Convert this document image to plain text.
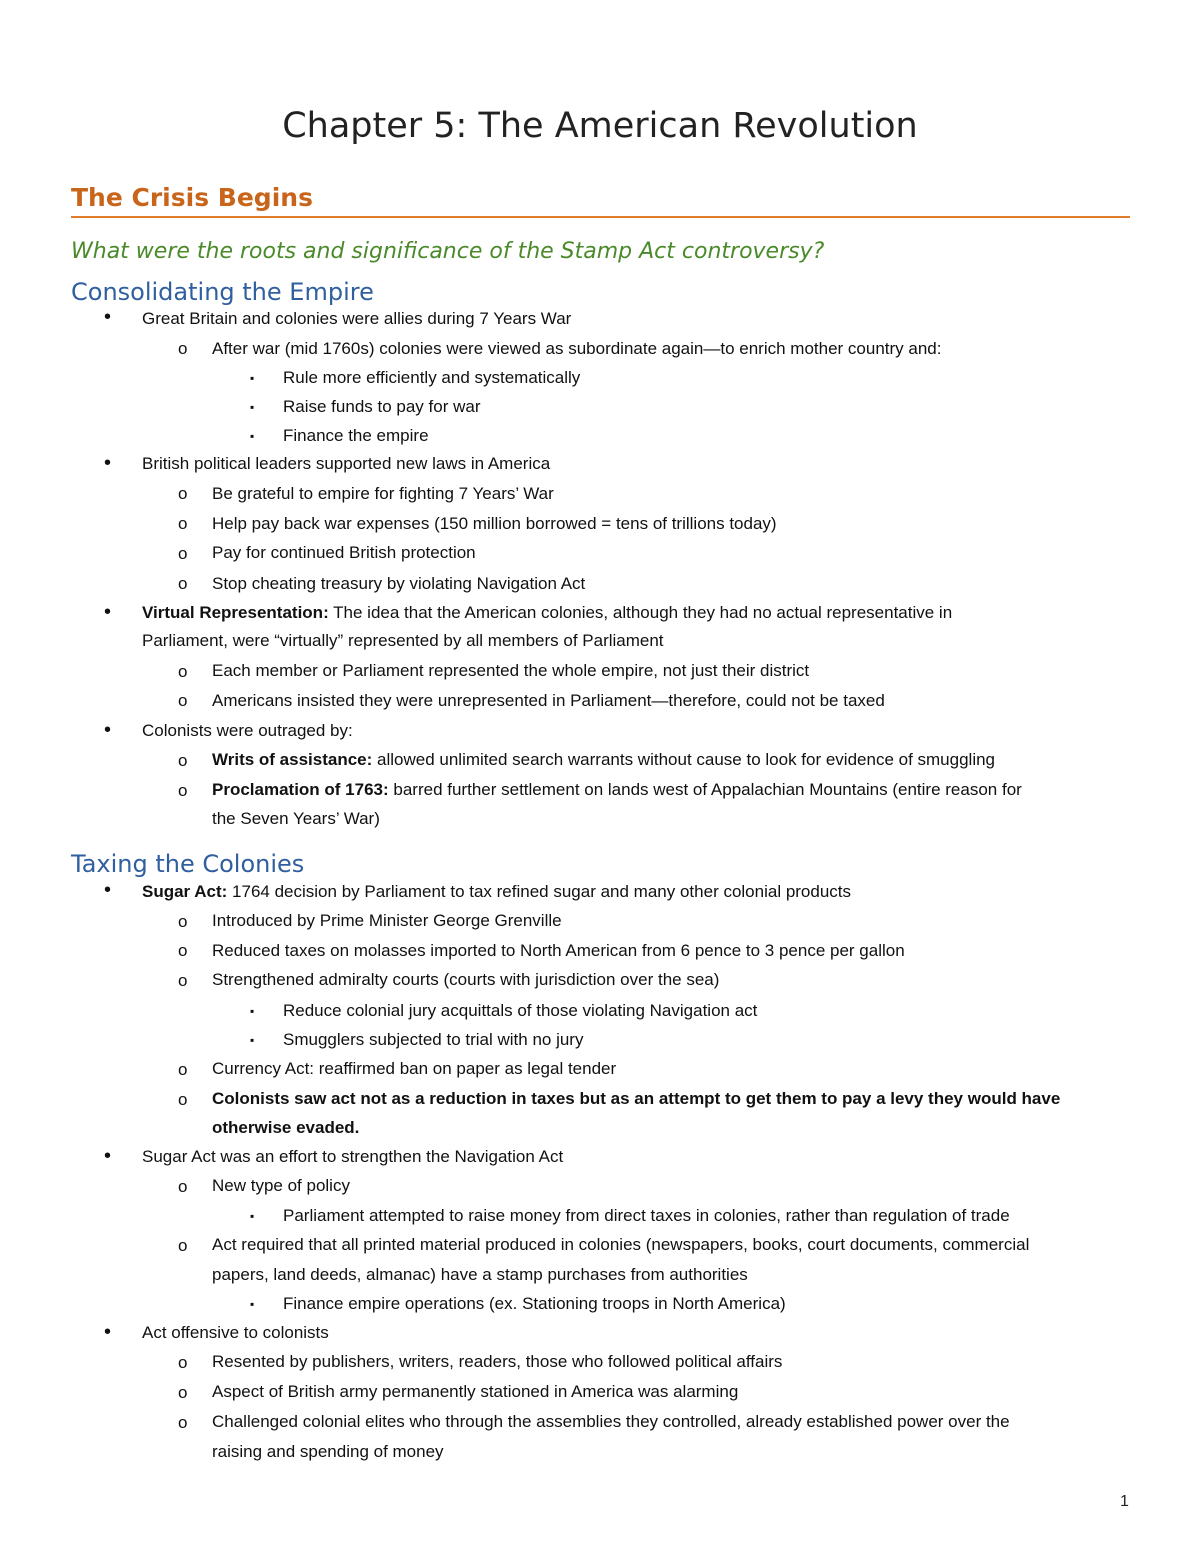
Chapter 5: The American Revolution
The Crisis Begins
What were the roots and significance of the Stamp Act controversy?
Consolidating the Empire
• Great Britain and colonies were allies during 7 Years War
o After war (mid 1760s) colonies were viewed as subordinate again—to enrich mother country and:
▪ Rule more efficiently and systematically
▪ Raise funds to pay for war
▪ Finance the empire
• British political leaders supported new laws in America
o Be grateful to empire for fighting 7 Years’ War
o Help pay back war expenses (150 million borrowed = tens of trillions today)
o Pay for continued British protection
o Stop cheating treasury by violating Navigation Act
• Virtual Representation: The idea that the American colonies, although they had no actual representative in
Parliament, were “virtually” represented by all members of Parliament
o Each member or Parliament represented the whole empire, not just their district
o Americans insisted they were unrepresented in Parliament—therefore, could not be taxed
• Colonists were outraged by:
o Writs of assistance: allowed unlimited search warrants without cause to look for evidence of smuggling
o Proclamation of 1763: barred further settlement on lands west of Appalachian Mountains (entire reason for
the Seven Years’ War)
Taxing the Colonies
• Sugar Act: 1764 decision by Parliament to tax refined sugar and many other colonial products
o Introduced by Prime Minister George Grenville
o Reduced taxes on molasses imported to North American from 6 pence to 3 pence per gallon
o Strengthened admiralty courts (courts with jurisdiction over the sea)
▪ Reduce colonial jury acquittals of those violating Navigation act
▪ Smugglers subjected to trial with no jury
o Currency Act: reaffirmed ban on paper as legal tender
o Colonists saw act not as a reduction in taxes but as an attempt to get them to pay a levy they would have
otherwise evaded.
• Sugar Act was an effort to strengthen the Navigation Act
o New type of policy
▪ Parliament attempted to raise money from direct taxes in colonies, rather than regulation of trade
o Act required that all printed material produced in colonies (newspapers, books, court documents, commercial
papers, land deeds, almanac) have a stamp purchases from authorities
▪ Finance empire operations (ex. Stationing troops in North America)
• Act offensive to colonists
o Resented by publishers, writers, readers, those who followed political affairs
o Aspect of British army permanently stationed in America was alarming
o Challenged colonial elites who through the assemblies they controlled, already established power over the
raising and spending of money
1
